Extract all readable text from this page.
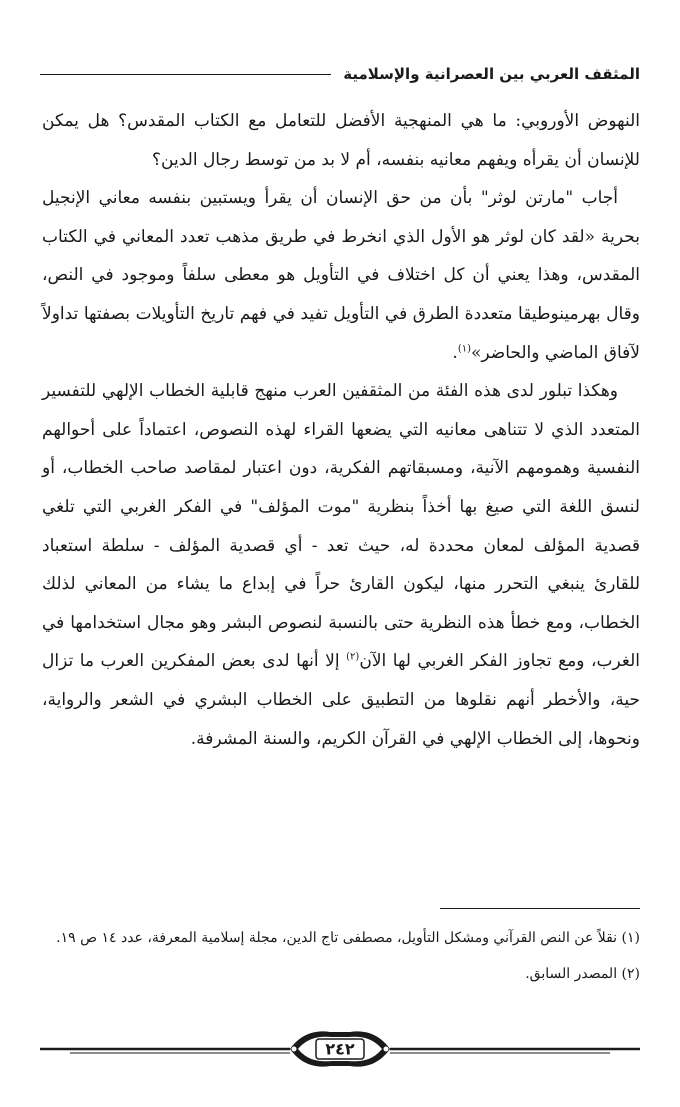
المثقف العربي بين العصرانية والإسلامية

النهوض الأوروبي: ما هي المنهجية الأفضل للتعامل مع الكتاب المقدس؟ هل يمكن للإنسان أن يقرأه ويفهم معانيه بنفسه، أم لا بد من توسط رجال الدين؟

أجاب "مارتن لوثر" بأن من حق الإنسان أن يقرأ ويستبين بنفسه معاني الإنجيل بحرية «لقد كان لوثر هو الأول الذي انخرط في طريق مذهب تعدد المعاني في الكتاب المقدس، وهذا يعني أن كل اختلاف في التأويل هو معطى سلفاً وموجود في النص، وقال بهرمينوطيقا متعددة الطرق في التأويل تفيد في فهم تاريخ التأويلات بصفتها تداولاً لآفاق الماضي والحاضر»$^{(١)}$.

وهكذا تبلور لدى هذه الفئة من المثقفين العرب منهج قابلية الخطاب الإلهي للتفسير المتعدد الذي لا تتناهى معانيه التي يضعها القراء لهذه النصوص، اعتماداً على أحوالهم النفسية وهمومهم الآنية، ومسبقاتهم الفكرية، دون اعتبار لمقاصد صاحب الخطاب، أو لنسق اللغة التي صيغ بها أخذاً بنظرية "موت المؤلف" في الفكر الغربي التي تلغي قصدية المؤلف لمعان محددة له، حيث تعد - أي قصدية المؤلف - سلطة استعباد للقارئ ينبغي التحرر منها، ليكون القارئ حراً في إبداع ما يشاء من المعاني لذلك الخطاب، ومع خطأ هذه النظرية حتى بالنسبة لنصوص البشر وهو مجال استخدامها في الغرب، ومع تجاوز الفكر الغربي لها الآن$^{(٢)}$ إلا أنها لدى بعض المفكرين العرب ما تزال حية، والأخطر أنهم نقلوها من التطبيق على الخطاب البشري في الشعر والرواية، ونحوها، إلى الخطاب الإلهي في القرآن الكريم، والسنة المشرفة.

(١) نقلاً عن النص القرآني ومشكل التأويل، مصطفى تاج الدين، مجلة إسلامية المعرفة، عدد ١٤ ص ١٩.

(٢) المصدر السابق.

٢٤٢
